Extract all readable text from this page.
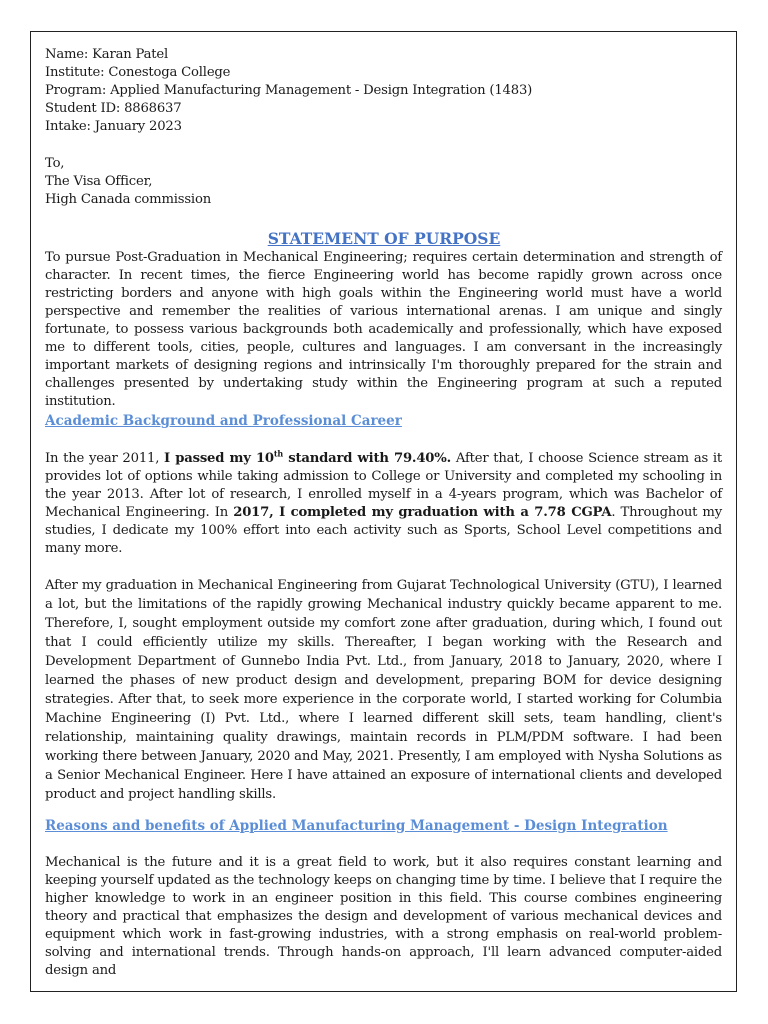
Name: Karan Patel
Institute: Conestoga College
Program: Applied Manufacturing Management - Design Integration (1483)
Student ID: 8868637
Intake: January 2023
To,
The Visa Officer,
High Canada commission
STATEMENT OF PURPOSE
To pursue Post-Graduation in Mechanical Engineering; requires certain determination and strength of character. In recent times, the fierce Engineering world has become rapidly grown across once restricting borders and anyone with high goals within the Engineering world must have a world perspective and remember the realities of various international arenas. I am unique and singly fortunate, to possess various backgrounds both academically and professionally, which have exposed me to different tools, cities, people, cultures and languages. I am conversant in the increasingly important markets of designing regions and intrinsically I'm thoroughly prepared for the strain and challenges presented by undertaking study within the Engineering program at such a reputed institution.
Academic Background and Professional Career
In the year 2011, I passed my 10th standard with 79.40%. After that, I choose Science stream as it provides lot of options while taking admission to College or University and completed my schooling in the year 2013. After lot of research, I enrolled myself in a 4-years program, which was Bachelor of Mechanical Engineering. In 2017, I completed my graduation with a 7.78 CGPA. Throughout my studies, I dedicate my 100% effort into each activity such as Sports, School Level competitions and many more.
After my graduation in Mechanical Engineering from Gujarat Technological University (GTU), I learned a lot, but the limitations of the rapidly growing Mechanical industry quickly became apparent to me. Therefore, I, sought employment outside my comfort zone after graduation, during which, I found out that I could efficiently utilize my skills. Thereafter, I began working with the Research and Development Department of Gunnebo India Pvt. Ltd., from January, 2018 to January, 2020, where I learned the phases of new product design and development, preparing BOM for device designing strategies. After that, to seek more experience in the corporate world, I started working for Columbia Machine Engineering (I) Pvt. Ltd., where I learned different skill sets, team handling, client's relationship, maintaining quality drawings, maintain records in PLM/PDM software. I had been working there between January, 2020 and May, 2021. Presently, I am employed with Nysha Solutions as a Senior Mechanical Engineer. Here I have attained an exposure of international clients and developed product and project handling skills.
Reasons and benefits of Applied Manufacturing Management - Design Integration
Mechanical is the future and it is a great field to work, but it also requires constant learning and keeping yourself updated as the technology keeps on changing time by time. I believe that I require the higher knowledge to work in an engineer position in this field. This course combines engineering theory and practical that emphasizes the design and development of various mechanical devices and equipment which work in fast-growing industries, with a strong emphasis on real-world problem-solving and international trends. Through hands-on approach, I'll learn advanced computer-aided design and
